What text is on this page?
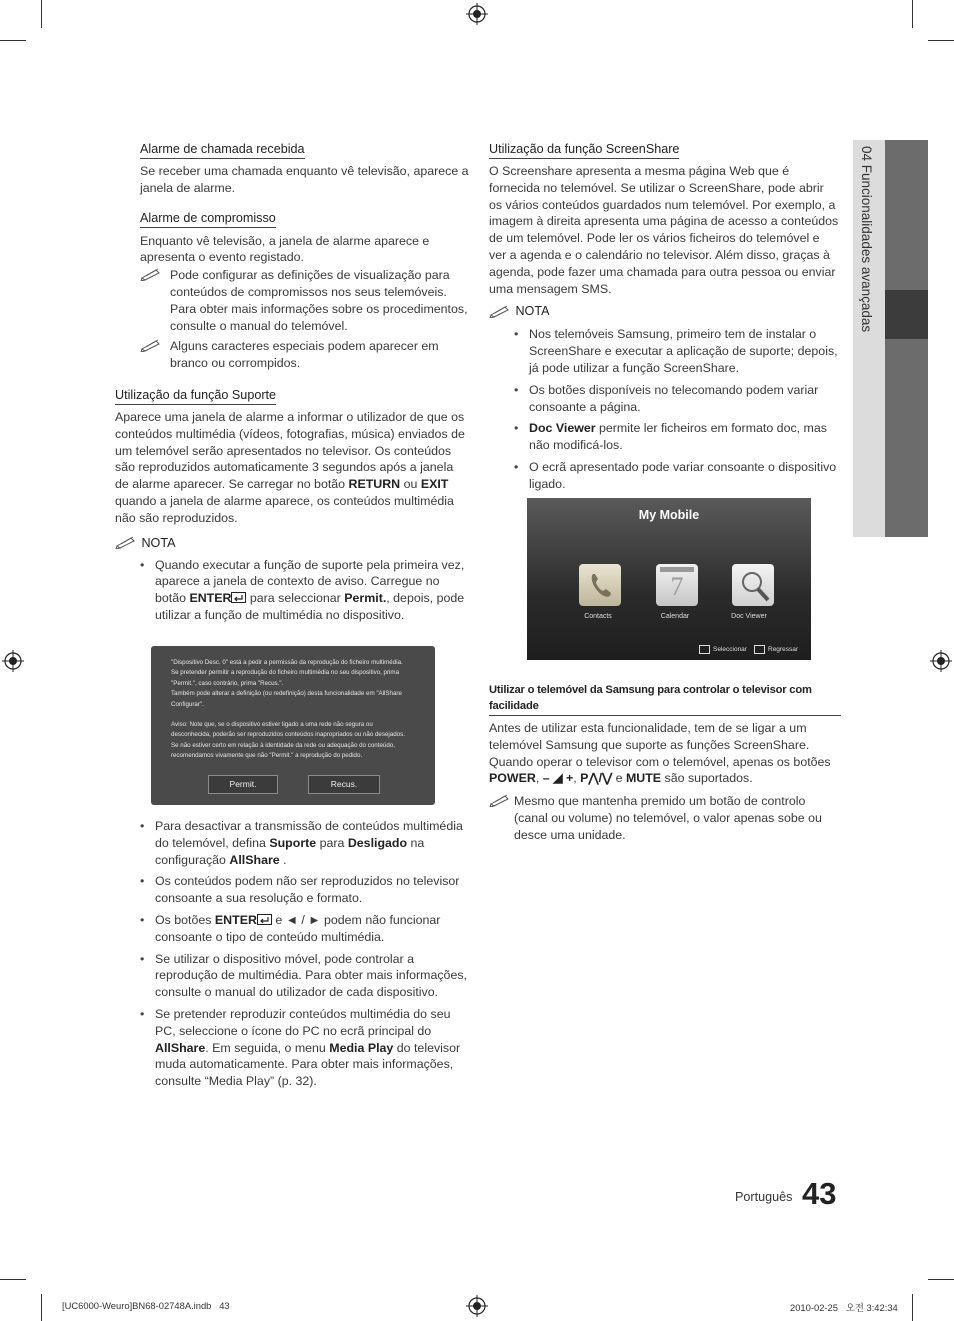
04 Funcionalidades avançadas
Alarme de chamada recebida
Se receber uma chamada enquanto vê televisão, aparece a janela de alarme.
Alarme de compromisso
Enquanto vê televisão, a janela de alarme aparece e apresenta o evento registado.
Pode configurar as definições de visualização para conteúdos de compromissos nos seus telemóveis. Para obter mais informações sobre os procedimentos, consulte o manual do telemóvel.
Alguns caracteres especiais podem aparecer em branco ou corrompidos.
Utilização da função Suporte
Aparece uma janela de alarme a informar o utilizador de que os conteúdos multimédia (vídeos, fotografias, música) enviados de um telemóvel serão apresentados no televisor. Os conteúdos são reproduzidos automaticamente 3 segundos após a janela de alarme aparecer. Se carregar no botão RETURN ou EXIT quando a janela de alarme aparece, os conteúdos multimédia não são reproduzidos.
NOTA
• Quando executar a função de suporte pela primeira vez, aparece a janela de contexto de aviso. Carregue no botão ENTER para seleccionar Permit., depois, pode utilizar a função de multimédia no dispositivo.
"Dispositivo Desc. 0" está a pedir a permissão da reprodução do ficheiro multimédia.
Se pretender permitir a reprodução do ficheiro multimédia no seu dispositivo, prima
"Permit.", caso contrário, prima "Recus.".
Também pode alterar a definição (ou redefinição) desta funcionalidade em "AllShare
Configurar".
Aviso: Note que, se o dispositivo estiver ligado a uma rede não segura ou
desconhecida, poderão ser reproduzidos conteúdos inapropriados ou não desejados.
Se não estiver certo em relação à identidade da rede ou adequação do conteúdo,
recomendamos vivamente que não "Permit." a reprodução do pedido.
Permit.	Recus.
• Para desactivar a transmissão de conteúdos multimédia do telemóvel, defina Suporte para Desligado na configuração AllShare .
• Os conteúdos podem não ser reproduzidos no televisor consoante a sua resolução e formato.
• Os botões ENTER e ◄ / ► podem não funcionar consoante o tipo de conteúdo multimédia.
• Se utilizar o dispositivo móvel, pode controlar a reprodução de multimédia. Para obter mais informações, consulte o manual do utilizador de cada dispositivo.
• Se pretender reproduzir conteúdos multimédia do seu PC, seleccione o ícone do PC no ecrã principal do AllShare. Em seguida, o menu Media Play do televisor muda automaticamente. Para obter mais informações, consulte “Media Play” (p. 32).
Utilização da função ScreenShare
O Screenshare apresenta a mesma página Web que é fornecida no telemóvel. Se utilizar o ScreenShare, pode abrir os vários conteúdos guardados num telemóvel. Por exemplo, a imagem à direita apresenta uma página de acesso a conteúdos de um telemóvel. Pode ler os vários ficheiros do telemóvel e ver a agenda e o calendário no televisor. Além disso, graças à agenda, pode fazer uma chamada para outra pessoa ou enviar uma mensagem SMS.
NOTA
• Nos telemóveis Samsung, primeiro tem de instalar o ScreenShare e executar a aplicação de suporte; depois, já pode utilizar a função ScreenShare.
• Os botões disponíveis no telecomando podem variar consoante a página.
• Doc Viewer permite ler ficheiros em formato doc, mas não modificá-los.
• O ecrã apresentado pode variar consoante o dispositivo ligado.
My Mobile
Contacts
7
Calendar	Doc Viewer
Seleccionar	Regressar
Utilizar o telemóvel da Samsung para controlar o televisor com facilidade
Antes de utilizar esta funcionalidade, tem de se ligar a um telemóvel Samsung que suporte as funções ScreenShare. Quando operar o televisor com o telemóvel, apenas os botões POWER, – ◢ +, P⋀/⋁ e MUTE são suportados.
Mesmo que mantenha premido um botão de controlo (canal ou volume) no telemóvel, o valor apenas sobe ou desce uma unidade.
Português 43
[UC6000-Weuro]BN68-02748A.indb   43	2010-02-25   오전 3:42:34
